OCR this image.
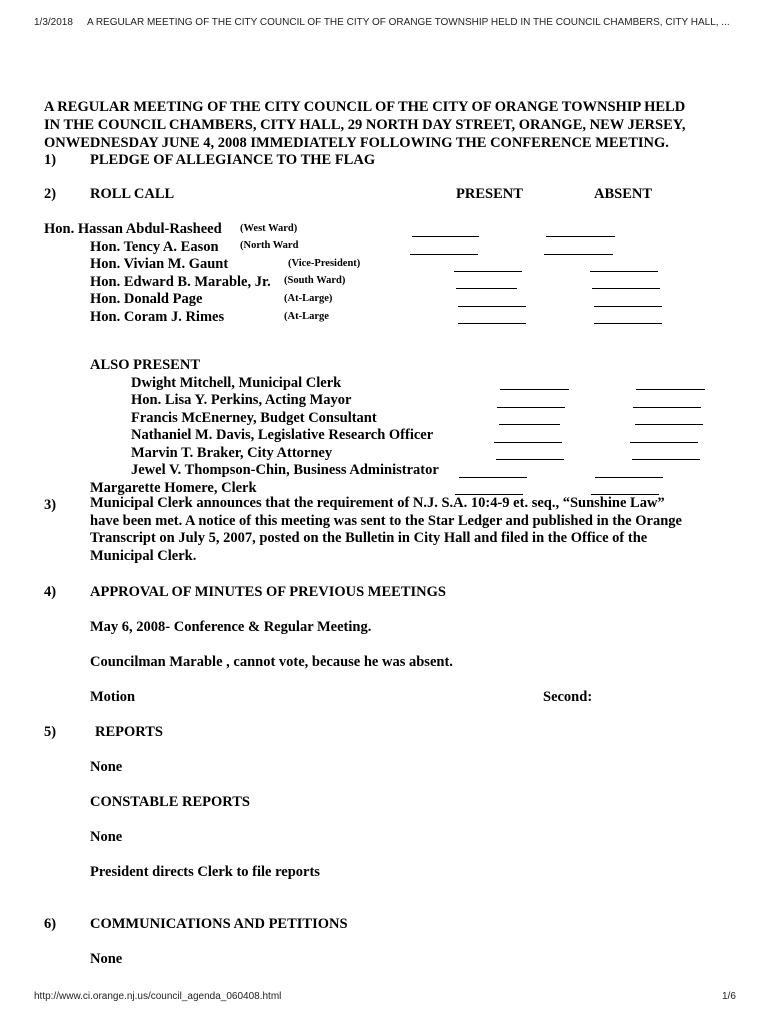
1/3/2018 A REGULAR MEETING OF THE CITY COUNCIL OF THE CITY OF ORANGE TOWNSHIP HELD IN THE COUNCIL CHAMBERS, CITY HALL, ...
A REGULAR MEETING OF THE CITY COUNCIL OF THE CITY OF ORANGE TOWNSHIP HELD
IN THE COUNCIL CHAMBERS, CITY HALL, 29 NORTH DAY STREET, ORANGE, NEW JERSEY,
ONWEDNESDAY JUNE 4, 2008 IMMEDIATELY FOLLOWING THE CONFERENCE MEETING.
1) PLEDGE OF ALLEGIANCE TO THE FLAG
2) ROLL CALL	PRESENT	ABSENT
Hon. Hassan Abdul-Rasheed (West Ward)
Hon. Tency A. Eason (North Ward
Hon. Vivian M. Gaunt	(Vice-President)
Hon. Edward B. Marable, Jr. (South Ward)
Hon. Donald Page	(At-Large)
Hon. Coram J. Rimes	(At-Large
ALSO PRESENT
Dwight Mitchell, Municipal Clerk
Hon. Lisa Y. Perkins, Acting Mayor
Francis McEnerney, Budget Consultant
Nathaniel M. Davis, Legislative Research Officer
Marvin T. Braker, City Attorney
Jewel V. Thompson-Chin, Business Administrator
Margarette Homere, Clerk
3) Municipal Clerk announces that the requirement of N.J. S.A. 10:4-9 et. seq., “Sunshine Law”
have been met. A notice of this meeting was sent to the Star Ledger and published in the Orange
Transcript on July 5, 2007, posted on the Bulletin in City Hall and filed in the Office of the
Municipal Clerk.
4) APPROVAL OF MINUTES OF PREVIOUS MEETINGS
May 6, 2008- Conference & Regular Meeting.
Councilman Marable , cannot vote, because he was absent.
Motion	Second:
5)	REPORTS
None
CONSTABLE REPORTS
None
President directs Clerk to file reports
6) COMMUNICATIONS AND PETITIONS
None
http://www.ci.orange.nj.us/council_agenda_060408.html	1/6
